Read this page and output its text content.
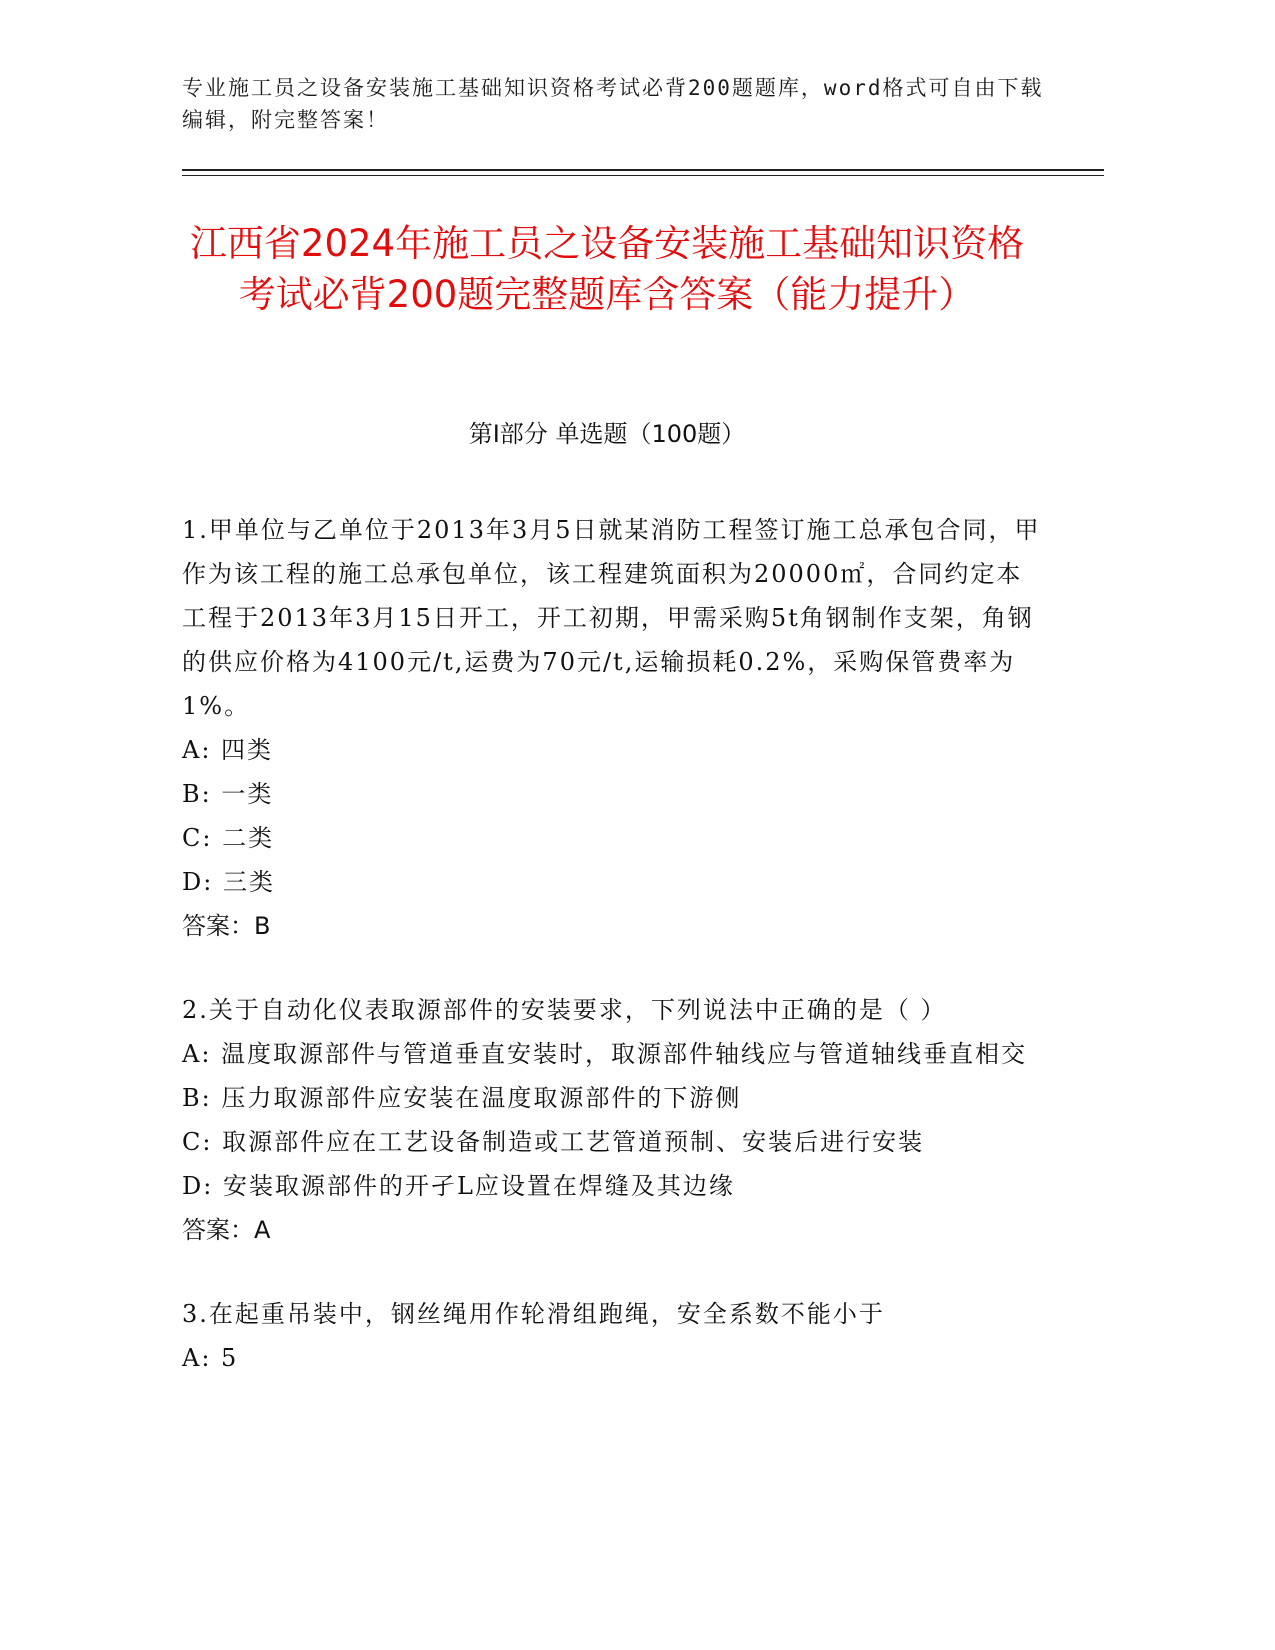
专业施工员之设备安装施工基础知识资格考试必背200题题库，word格式可自由下载编辑，附完整答案！
江西省2024年施工员之设备安装施工基础知识资格考试必背200题完整题库含答案（能力提升）
第Ⅰ部分 单选题（100题）

1.甲单位与乙单位于2013年3月5日就某消防工程签订施工总承包合同，甲作为该工程的施工总承包单位，该工程建筑面积为20000㎡，合同约定本工程于2013年3月15日开工，开工初期，甲需采购5t角钢制作支架，角钢的供应价格为4100元/t,运费为70元/t,运输损耗0.2%，采购保管费率为1%。

A: 四类

B: 一类

C: 二类

D: 三类

答案：B

2.关于自动化仪表取源部件的安装要求，下列说法中正确的是（ ）

A: 温度取源部件与管道垂直安装时，取源部件轴线应与管道轴线垂直相交

B: 压力取源部件应安装在温度取源部件的下游侧

C: 取源部件应在工艺设备制造或工艺管道预制、安装后进行安装

D: 安装取源部件的开孑L应设置在焊缝及其边缘

答案：A

3.在起重吊装中，钢丝绳用作轮滑组跑绳，安全系数不能小于

A: 5
